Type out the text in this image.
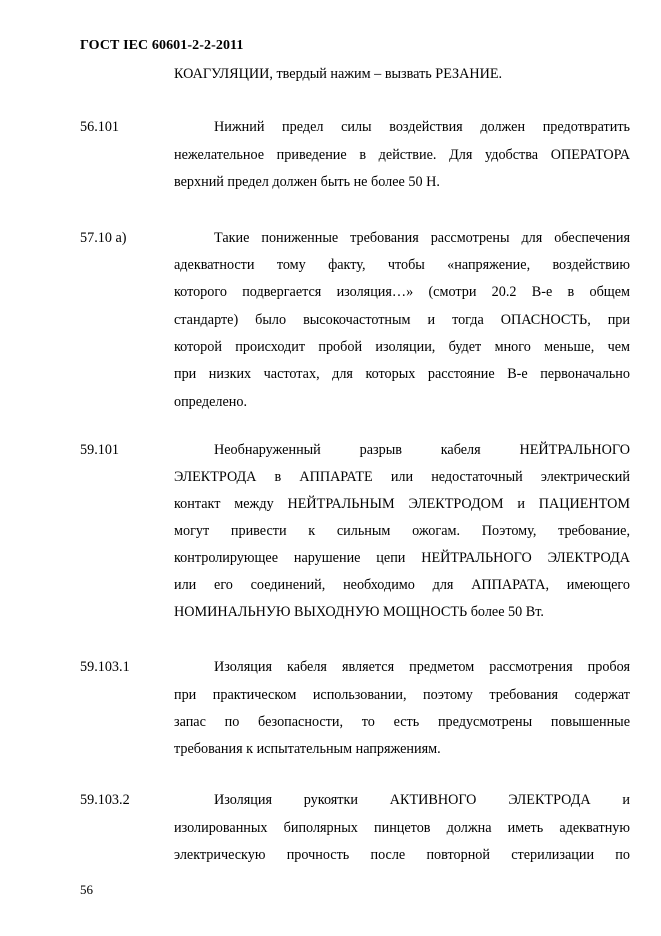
ГОСТ IEC 60601-2-2-2011
КОАГУЛЯЦИИ, твердый нажим – вызвать РЕЗАНИЕ.
56.101	Нижний предел силы воздействия должен предотвратить
нежелательное приведение в действие. Для удобства ОПЕРАТОРА
верхний предел должен быть не более 50 Н.
57.10 а)	Такие пониженные требования рассмотрены для обеспечения
адекватности тому факту, чтобы «напряжение, воздействию
которого подвергается изоляция…» (смотри 20.2 В-е в общем
стандарте) было высокочастотным и тогда ОПАСНОСТЬ, при
которой происходит пробой изоляции, будет много меньше, чем
при низких частотах, для которых расстояние В-е первоначально
определено.
59.101	Необнаруженный разрыв кабеля НЕЙТРАЛЬНОГО
ЭЛЕКТРОДА в АППАРАТЕ или недостаточный электрический
контакт между НЕЙТРАЛЬНЫМ ЭЛЕКТРОДОМ и ПАЦИЕНТОМ
могут привести к сильным ожогам. Поэтому, требование,
контролирующее нарушение цепи НЕЙТРАЛЬНОГО ЭЛЕКТРОДА
или его соединений, необходимо для АППАРАТА, имеющего
НОМИНАЛЬНУЮ ВЫХОДНУЮ МОЩНОСТЬ более 50 Вт.
59.103.1	Изоляция кабеля является предметом рассмотрения пробоя
при практическом использовании, поэтому требования содержат
запас по безопасности, то есть предусмотрены повышенные
требования к испытательным напряжениям.
59.103.2	Изоляция рукоятки АКТИВНОГО ЭЛЕКТРОДА и
изолированных биполярных пинцетов должна иметь адекватную
электрическую прочность после повторной стерилизации по
56
